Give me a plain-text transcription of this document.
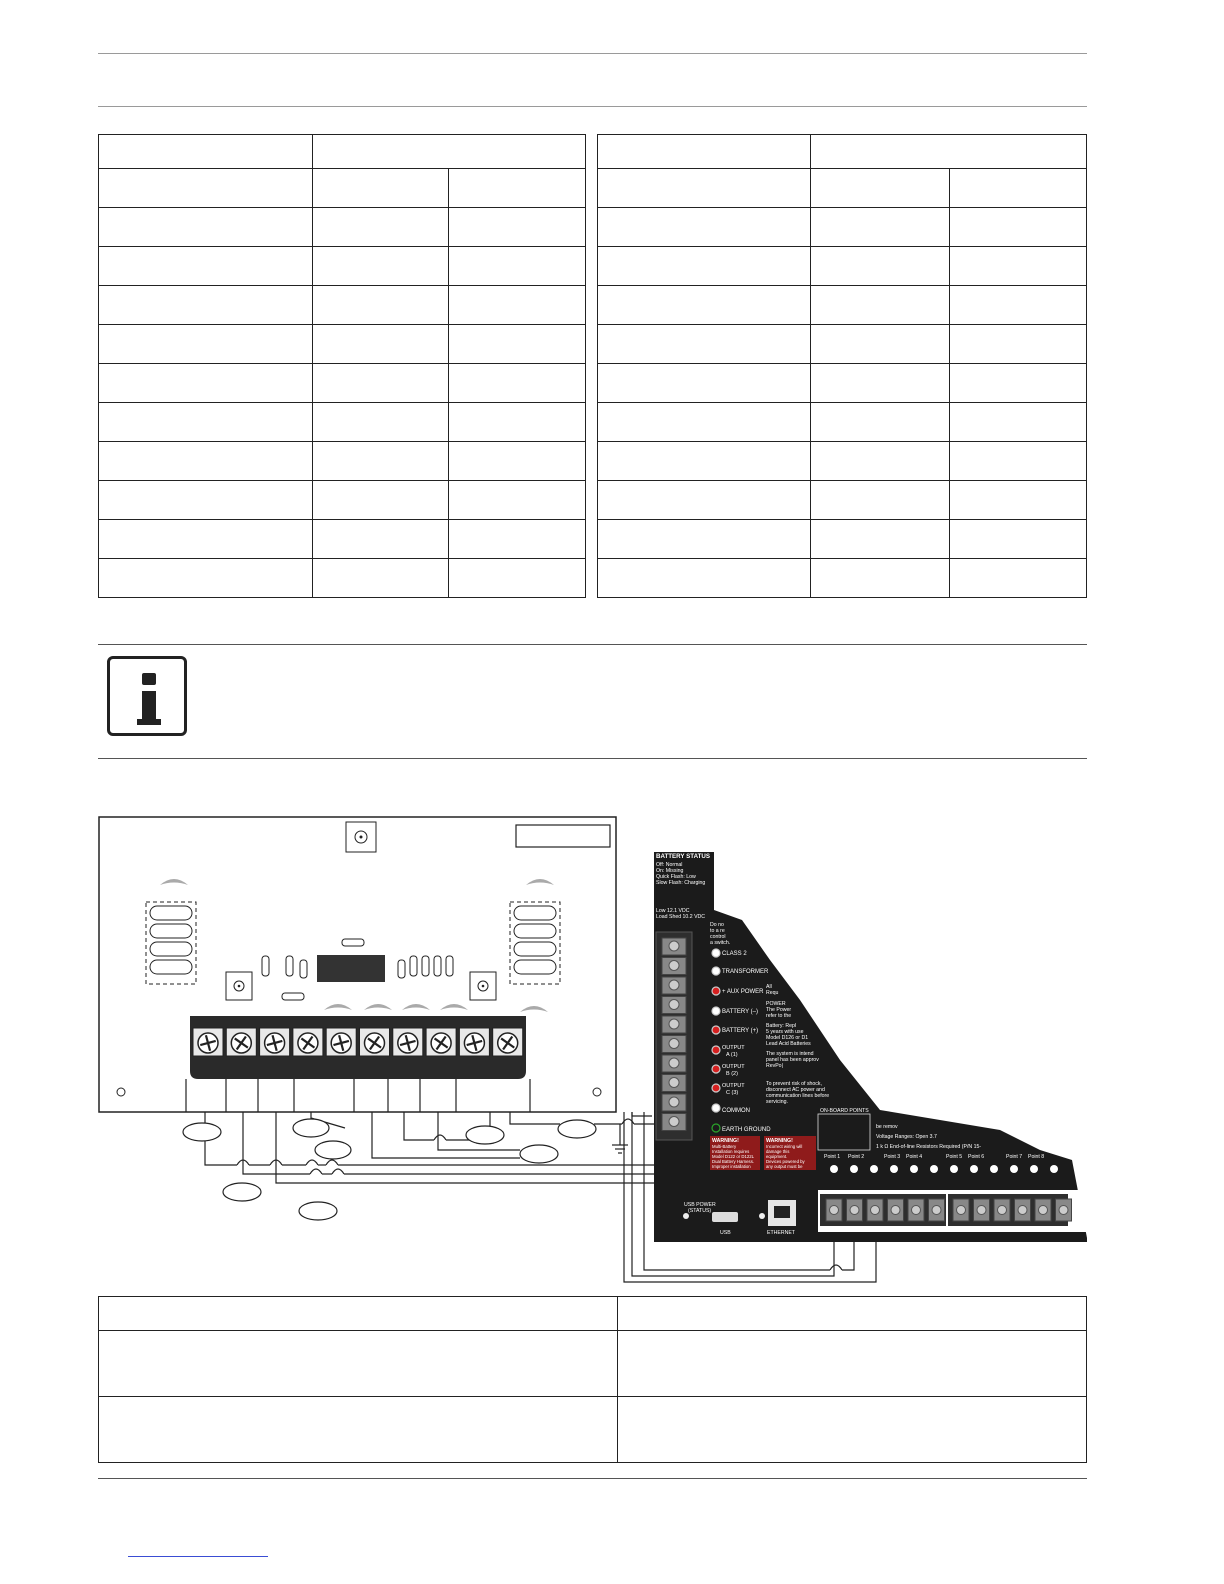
BATTERY STATUS
Off: Normal
On: Missing
Quick Flash: Low
Slow Flash: Charging
Low 12.1 VDC
Load Shed 10.2 VDC
Do no
to a re
control
a switch.
CLASS 2
TRANSFORMER
+ AUX POWER
BATTERY (–)
BATTERY (+)
OUTPUT
A (1)
OUTPUT
B (2)
OUTPUT
C (3)
COMMON
EARTH GROUND
All
Requ
POWER
The Power
refer to the
Battery: Repl
5 years with use
Model D126 or D1
Lead Acid Batteries
The system is intend
panel has been approv
RevPo|
To prevent risk of shock,
disconnect AC power and
communication lines before
servicing.
WARNING!
Multi-Battery
Installation requires
Model D122 or D122L
Dual Battery Harness.
Improper installation
WARNING!
Incorrect wiring will
damage this
equipment.
Devices powered by
any output must be
ON-BOARD POINTS
be remov
Voltage Ranges: Open 3.7
1 k Ω End-of-line Resistors Required (P/N 15-
Point 1 Point 2	Point 3 Point 4	Point 5 Point 6	Point 7 Point 8
USB POWER
(STATUS)
USB	ETHERNET
